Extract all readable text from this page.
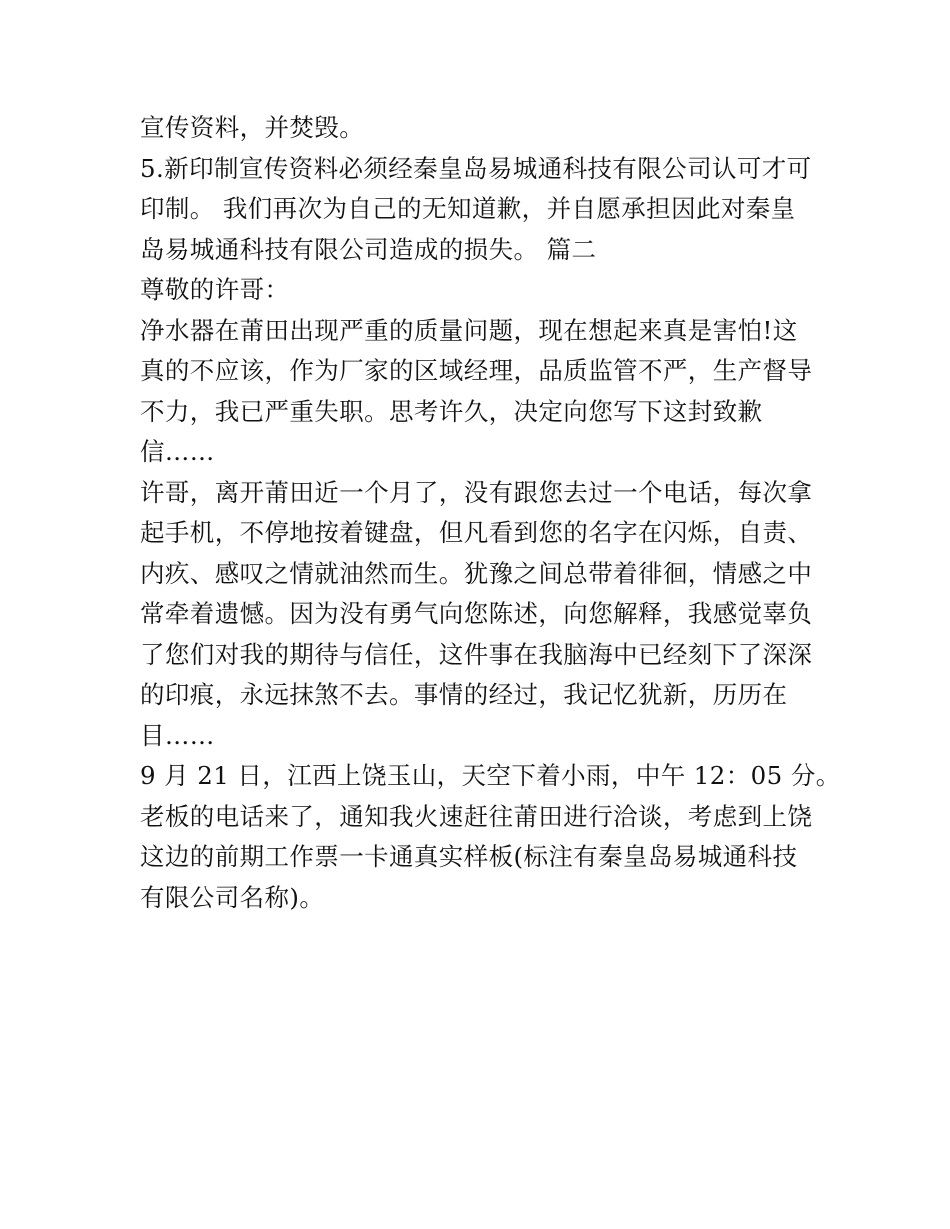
宣传资料，并焚毁。
5.新印制宣传资料必须经秦皇岛易城通科技有限公司认可才可
印制。 我们再次为自己的无知道歉，并自愿承担因此对秦皇
岛易城通科技有限公司造成的损失。 篇二
尊敬的许哥：
净水器在莆田出现严重的质量问题，现在想起来真是害怕!这
真的不应该，作为厂家的区域经理，品质监管不严，生产督导
不力，我已严重失职。思考许久，决定向您写下这封致歉
信……
许哥，离开莆田近一个月了，没有跟您去过一个电话，每次拿
起手机，不停地按着键盘，但凡看到您的名字在闪烁，自责、
内疚、感叹之情就油然而生。犹豫之间总带着徘徊，情感之中
常牵着遗憾。因为没有勇气向您陈述，向您解释，我感觉辜负
了您们对我的期待与信任，这件事在我脑海中已经刻下了深深
的印痕，永远抹煞不去。事情的经过，我记忆犹新，历历在
目……
9 月 21 日，江西上饶玉山，天空下着小雨，中午 12：05 分。
老板的电话来了，通知我火速赶往莆田进行洽谈，考虑到上饶
这边的前期工作票一卡通真实样板(标注有秦皇岛易城通科技
有限公司名称)。
